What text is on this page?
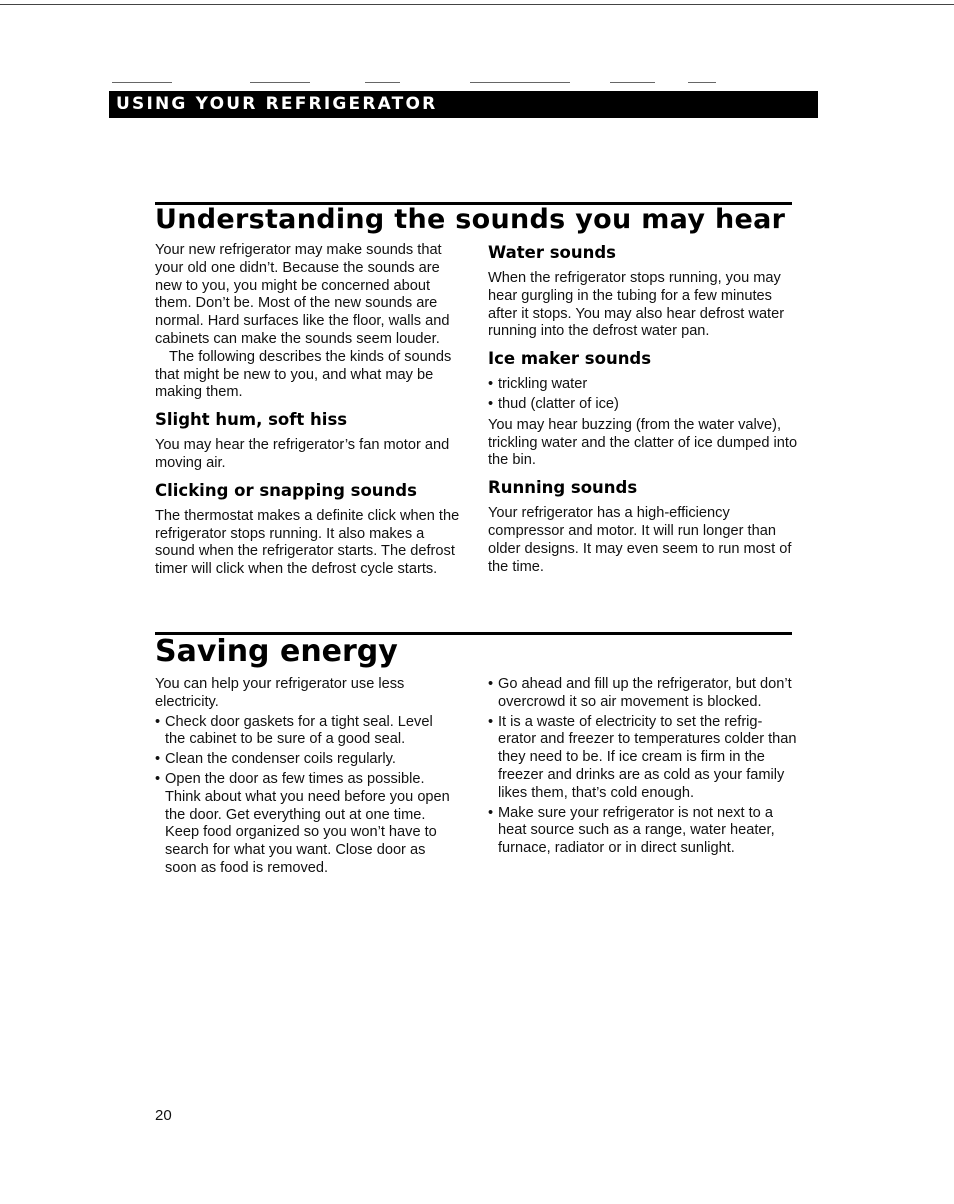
USING YOUR REFRIGERATOR
Understanding the sounds you may hear

Your new refrigerator may make sounds that your old one didn’t. Because the sounds are new to you, you might be concerned about them. Don’t be. Most of the new sounds are normal. Hard surfaces like the floor, walls and cabinets can make the sounds seem louder.

The following describes the kinds of sounds that might be new to you, and what may be making them.

Slight hum, soft hiss

You may hear the refrigerator’s fan motor and moving air.

Clicking or snapping sounds

The thermostat makes a definite click when the refrigerator stops running. It also makes a sound when the refrigerator starts. The defrost timer will click when the defrost cycle starts.

Water sounds

When the refrigerator stops running, you may hear gurgling in the tubing for a few minutes after it stops. You may also hear defrost water running into the defrost water pan.

Ice maker sounds
• trickling water
• thud (clatter of ice)

You may hear buzzing (from the water valve), trickling water and the clatter of ice dumped into the bin.

Running sounds

Your refrigerator has a high-efficiency compressor and motor. It will run longer than older designs. It may even seem to run most of the time.

Saving energy

You can help your refrigerator use less electricity.

• Check door gaskets for a tight seal. Level the cabinet to be sure of a good seal.
• Clean the condenser coils regularly.
• Open the door as few times as possible. Think about what you need before you open the door. Get everything out at one time. Keep food organized so you won’t have to search for what you want. Close door as soon as food is removed.
• Go ahead and fill up the refrigerator, but don’t overcrowd it so air movement is blocked.
• It is a waste of electricity to set the refrig-erator and freezer to temperatures colder than they need to be. If ice cream is firm in the freezer and drinks are as cold as your family likes them, that’s cold enough.
• Make sure your refrigerator is not next to a heat source such as a range, water heater, furnace, radiator or in direct sunlight.
20
